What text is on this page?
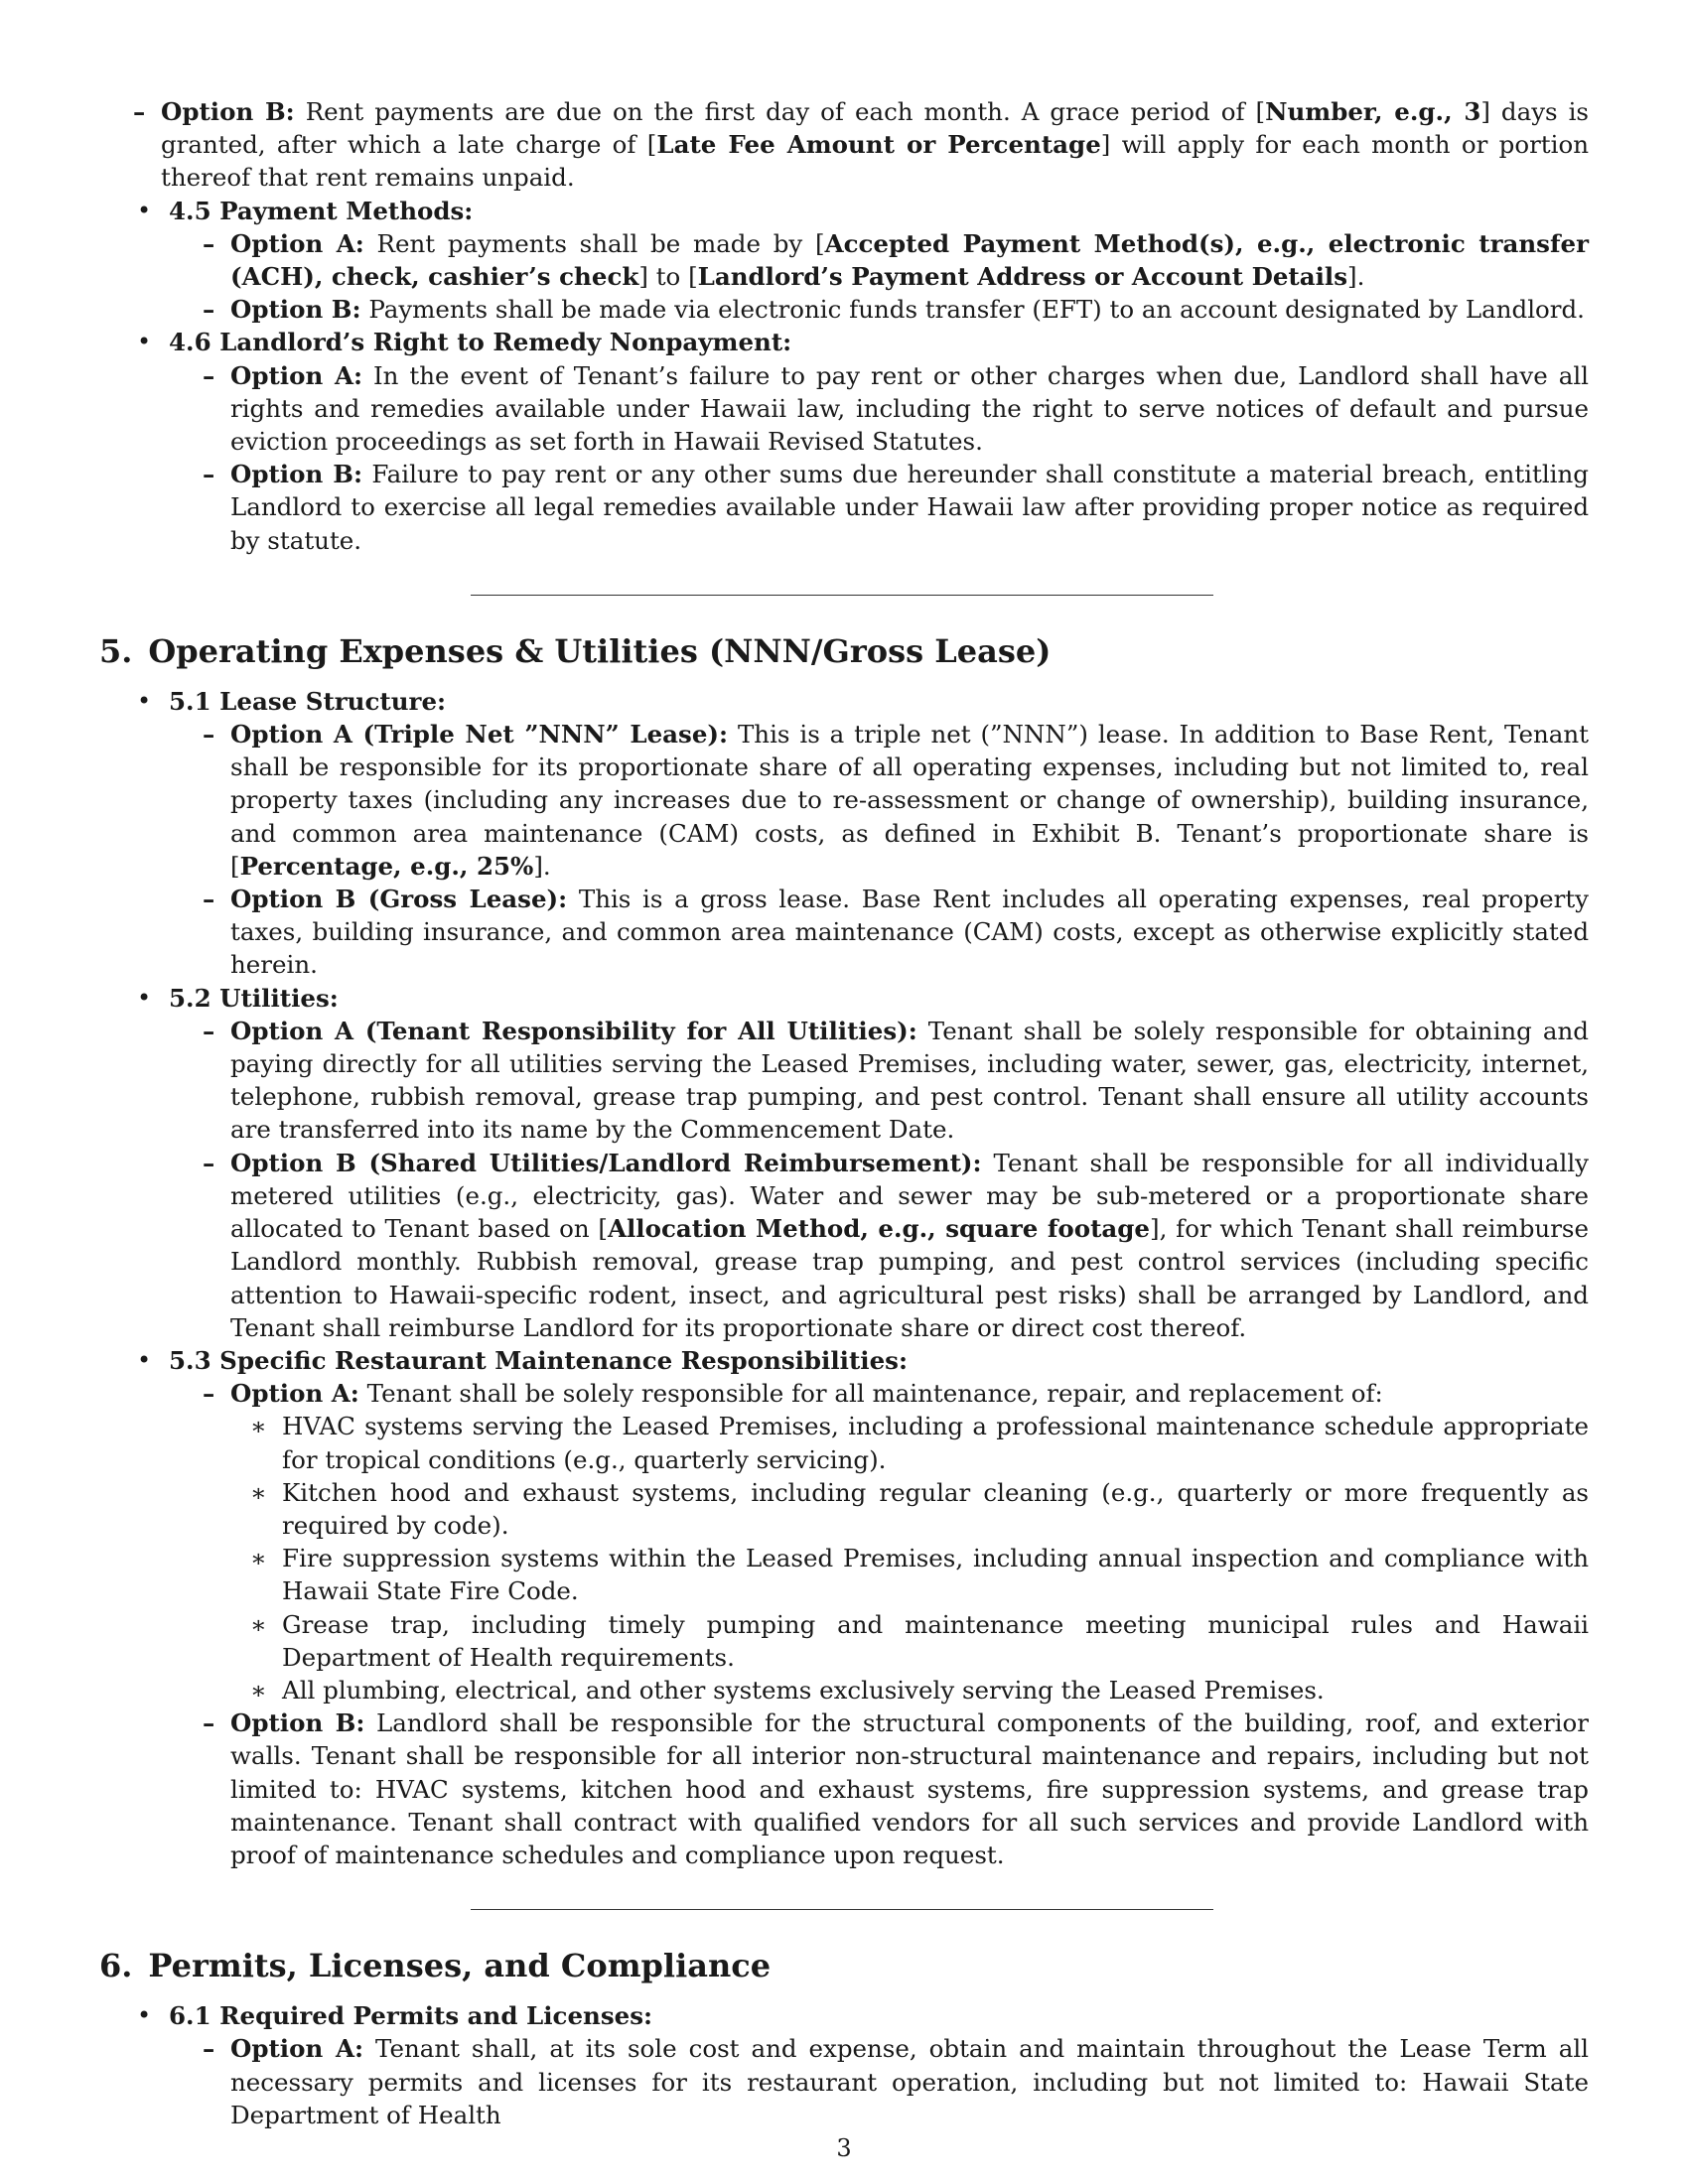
– Option B: Rent payments are due on the first day of each month. A grace period of [Number, e.g., 3] days is granted, after which a late charge of [Late Fee Amount or Percentage] will apply for each month or portion thereof that rent remains unpaid.
• 4.5 Payment Methods:
– Option A: Rent payments shall be made by [Accepted Payment Method(s), e.g., electronic transfer (ACH), check, cashier’s check] to [Landlord’s Payment Address or Account Details].
– Option B: Payments shall be made via electronic funds transfer (EFT) to an account designated by Landlord.
• 4.6 Landlord’s Right to Remedy Nonpayment:
– Option A: In the event of Tenant’s failure to pay rent or other charges when due, Landlord shall have all rights and remedies available under Hawaii law, including the right to serve notices of default and pursue eviction proceedings as set forth in Hawaii Revised Statutes.
– Option B: Failure to pay rent or any other sums due hereunder shall constitute a material breach, entitling Landlord to exercise all legal remedies available under Hawaii law after providing proper notice as required by statute.
5. Operating Expenses & Utilities (NNN/Gross Lease)
• 5.1 Lease Structure:
– Option A (Triple Net ”NNN” Lease): This is a triple net (”NNN”) lease. In addition to Base Rent, Tenant shall be responsible for its proportionate share of all operating expenses, including but not limited to, real property taxes (including any increases due to re-assessment or change of ownership), building insurance, and common area maintenance (CAM) costs, as defined in Exhibit B. Tenant’s proportionate share is [Percentage, e.g., 25%].
– Option B (Gross Lease): This is a gross lease. Base Rent includes all operating expenses, real property taxes, building insurance, and common area maintenance (CAM) costs, except as otherwise explicitly stated herein.
• 5.2 Utilities:
– Option A (Tenant Responsibility for All Utilities): Tenant shall be solely responsible for obtaining and paying directly for all utilities serving the Leased Premises, including water, sewer, gas, electricity, internet, telephone, rubbish removal, grease trap pumping, and pest control. Tenant shall ensure all utility accounts are transferred into its name by the Commencement Date.
– Option B (Shared Utilities/Landlord Reimbursement): Tenant shall be responsible for all individually metered utilities (e.g., electricity, gas). Water and sewer may be sub-metered or a proportionate share allocated to Tenant based on [Allocation Method, e.g., square footage], for which Tenant shall reimburse Landlord monthly. Rubbish removal, grease trap pumping, and pest control services (including specific attention to Hawaii-specific rodent, insect, and agricultural pest risks) shall be arranged by Landlord, and Tenant shall reimburse Landlord for its proportionate share or direct cost thereof.
• 5.3 Specific Restaurant Maintenance Responsibilities:
– Option A: Tenant shall be solely responsible for all maintenance, repair, and replacement of:
∗ HVAC systems serving the Leased Premises, including a professional maintenance schedule appropriate for tropical conditions (e.g., quarterly servicing).
∗ Kitchen hood and exhaust systems, including regular cleaning (e.g., quarterly or more frequently as required by code).
∗ Fire suppression systems within the Leased Premises, including annual inspection and compliance with Hawaii State Fire Code.
∗ Grease trap, including timely pumping and maintenance meeting municipal rules and Hawaii Department of Health requirements.
∗ All plumbing, electrical, and other systems exclusively serving the Leased Premises.
– Option B: Landlord shall be responsible for the structural components of the building, roof, and exterior walls. Tenant shall be responsible for all interior non-structural maintenance and repairs, including but not limited to: HVAC systems, kitchen hood and exhaust systems, fire suppression systems, and grease trap maintenance. Tenant shall contract with qualified vendors for all such services and provide Landlord with proof of maintenance schedules and compliance upon request.
6. Permits, Licenses, and Compliance
• 6.1 Required Permits and Licenses:
– Option A: Tenant shall, at its sole cost and expense, obtain and maintain throughout the Lease Term all necessary permits and licenses for its restaurant operation, including but not limited to: Hawaii State Department of Health
3
